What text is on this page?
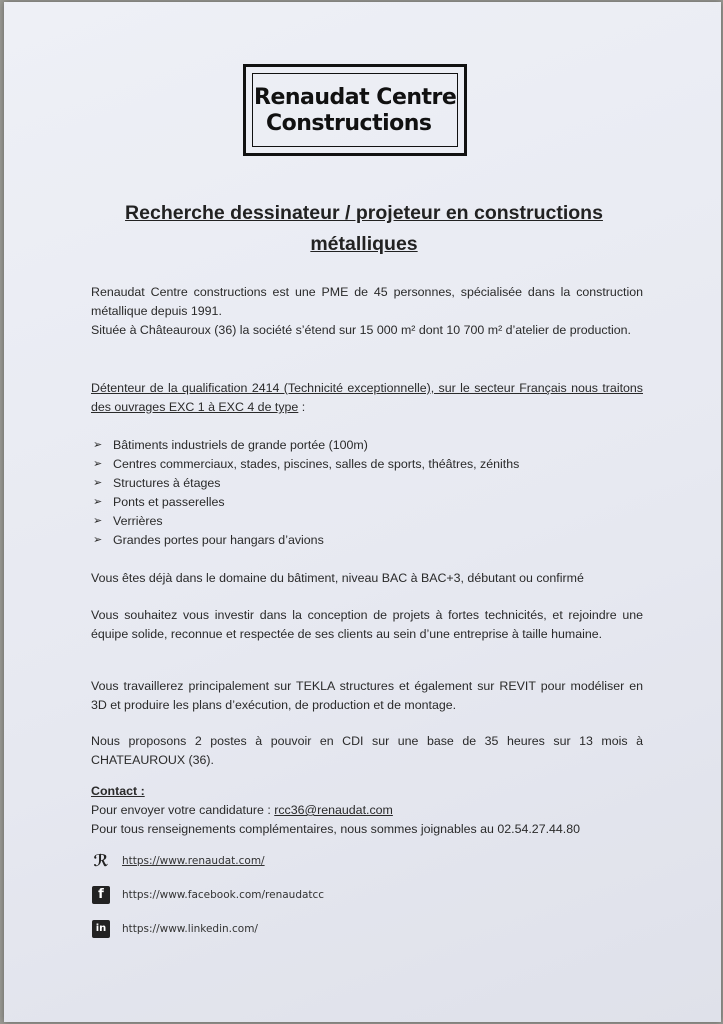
Renaudat Centre
Constructions
Recherche dessinateur / projeteur en constructions
métalliques
Renaudat Centre constructions est une PME de 45 personnes, spécialisée dans la construction métallique depuis 1991.
Située à Châteauroux (36) la société s’étend sur 15 000 m² dont 10 700 m² d’atelier de production.
Détenteur de la qualification 2414 (Technicité exceptionnelle), sur le secteur Français nous traitons des ouvrages EXC 1 à EXC 4 de type :
➢ Bâtiments industriels de grande portée (100m)
➢ Centres commerciaux, stades, piscines, salles de sports, théâtres, zéniths
➢ Structures à étages
➢ Ponts et passerelles
➢ Verrières
➢ Grandes portes pour hangars d’avions
Vous êtes déjà dans le domaine du bâtiment, niveau BAC à BAC+3, débutant ou confirmé
Vous souhaitez vous investir dans la conception de projets à fortes technicités, et rejoindre une équipe solide, reconnue et respectée de ses clients au sein d’une entreprise à taille humaine.
Vous travaillerez principalement sur TEKLA structures et également sur REVIT pour modéliser en 3D et produire les plans d’exécution, de production et de montage.
Nous proposons 2 postes à pouvoir en CDI sur une base de 35 heures sur 13 mois à CHATEAUROUX (36).
Contact :
Pour envoyer votre candidature : rcc36@renaudat.com
Pour tous renseignements complémentaires, nous sommes joignables au 02.54.27.44.80
ℛ https://www.renaudat.com/
f	https://www.facebook.com/renaudatcc
in	https://www.linkedin.com/
